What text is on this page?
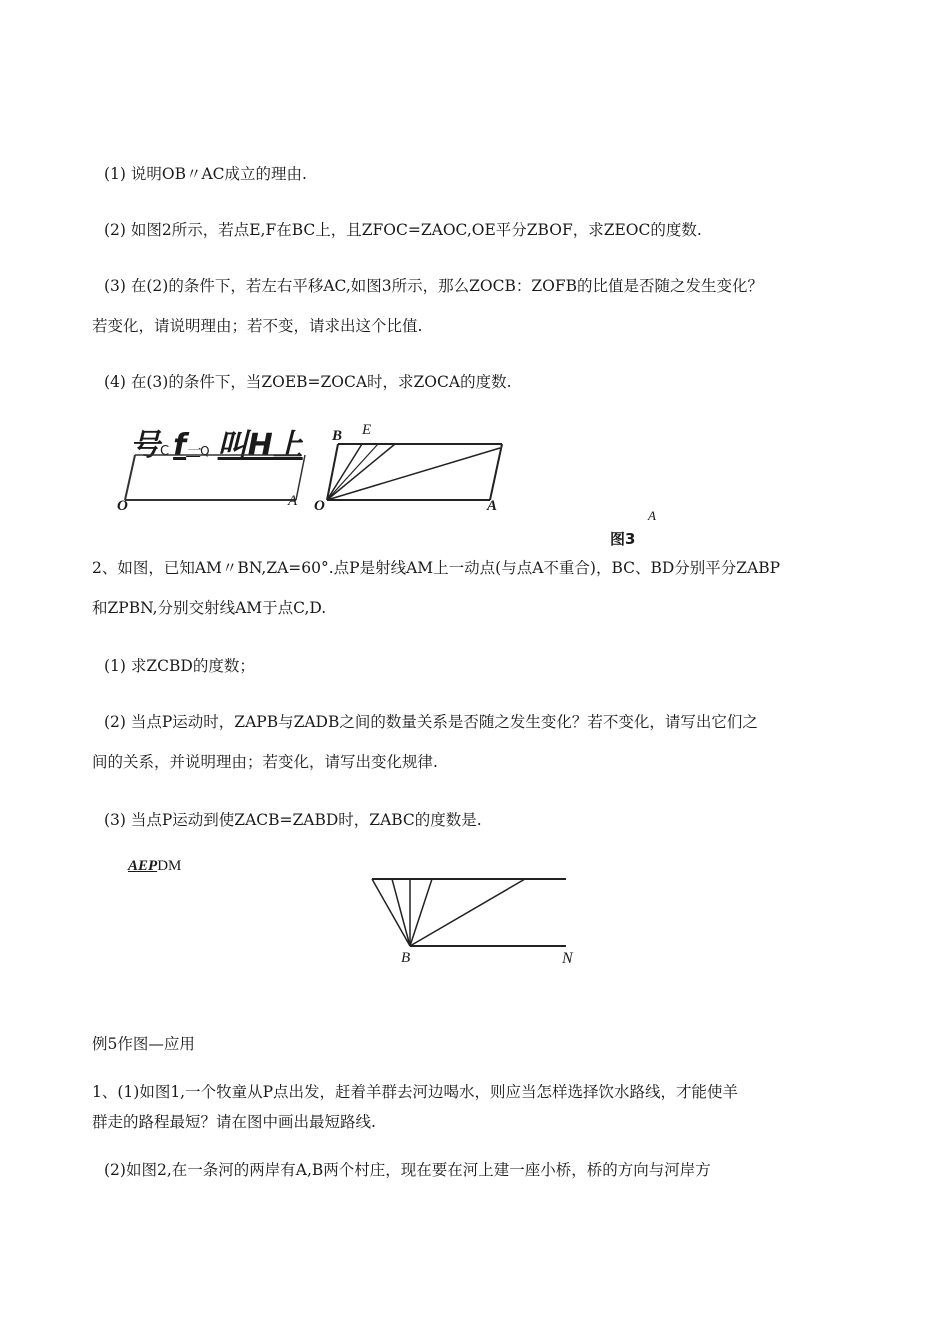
(1) 说明OB〃AC成立的理由.
(2) 如图2所示，若点E,F在BC上，且ZFOC=ZAOC,OE平分ZBOF，求ZEOC的度数.
(3) 在(2)的条件下，若左右平移AC,如图3所示，那么ZOCB：ZOFB的比值是否随之发生变化？
若变化，请说明理由；若不变，请求出这个比值.
(4) 在(3)的条件下，当ZOEB=ZOCA时，求ZOCA的度数.
号C f一Q 叫H上
O	A
B E
O	A
图3
A
2、如图，已知AM〃BN,ZA=60°.点P是射线AM上一动点(与点A不重合)，BC、BD分别平分ZABP
和ZPBN,分别交射线AM于点C,D.
(1) 求ZCBD的度数；
(2) 当点P运动时，ZAPB与ZADB之间的数量关系是否随之发生变化？若不变化，请写出它们之
间的关系，并说明理由；若变化，请写出变化规律.
(3) 当点P运动到使ZACB=ZABD时，ZABC的度数是.
AEPDM
B	N
例5作图—应用
1、(1)如图1,一个牧童从P点出发，赶着羊群去河边喝水，则应当怎样选择饮水路线，才能使羊
群走的路程最短？请在图中画出最短路线.
(2)如图2,在一条河的两岸有A,B两个村庄，现在要在河上建一座小桥，桥的方向与河岸方
